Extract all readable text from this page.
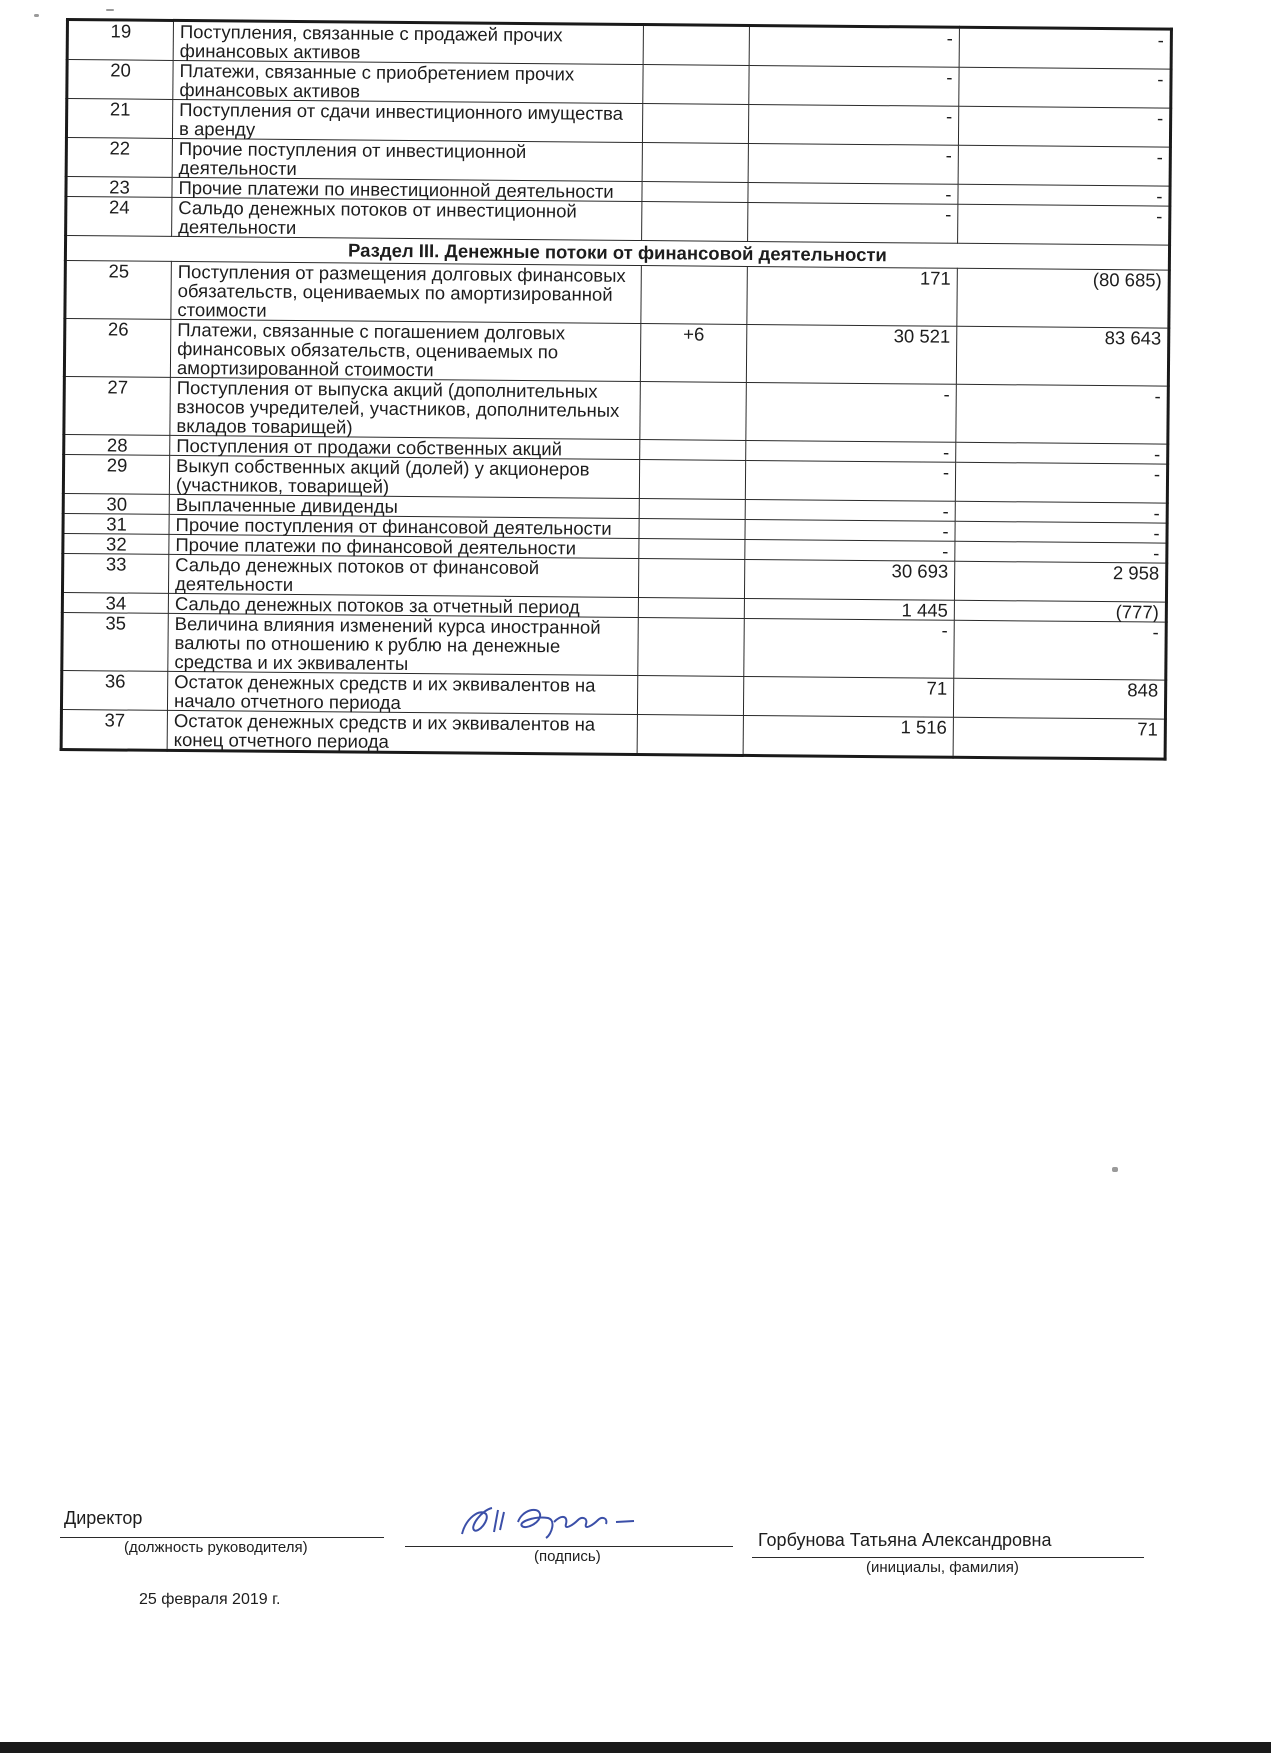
19	Поступления, связанные с продажей прочих финансовых активов		-	-
20	Платежи, связанные с приобретением прочих финансовых активов		-	-
21	Поступления от сдачи инвестиционного имущества в аренду		-	-
22	Прочие поступления от инвестиционной деятельности		-	-
23	Прочие платежи по инвестиционной деятельности		-	-
24	Сальдо денежных потоков от инвестиционной деятельности		-	-
Раздел III. Денежные потоки от финансовой деятельности				
25	Поступления от размещения долговых финансовых обязательств, оцениваемых по амортизированной стоимости		171	(80 685)
26	Платежи, связанные с погашением долговых финансовых обязательств, оцениваемых по амортизированной стоимости	+6	30 521	83 643
27	Поступления от выпуска акций (дополнительных взносов учредителей, участников, дополнительных вкладов товарищей)		-	-
28	Поступления от продажи собственных акций		-	-
29	Выкуп собственных акций (долей) у акционеров (участников, товарищей)		-	-
30	Выплаченные дивиденды		-	-
31	Прочие поступления от финансовой деятельности		-	-
32	Прочие платежи по финансовой деятельности		-	-
33	Сальдо денежных потоков от финансовой деятельности		30 693	2 958
34	Сальдо денежных потоков за отчетный период		1 445	(777)
35	Величина влияния изменений курса иностранной валюты по отношению к рублю на денежные средства и их эквиваленты		-	-
36	Остаток денежных средств и их эквивалентов на начало отчетного периода		71	848
37	Остаток денежных средств и их эквивалентов на конец отчетного периода		1 516	71
Директор
(должность руководителя)
(подпись)
Горбунова Татьяна Александровна
(инициалы, фамилия)
25 февраля 2019 г.
